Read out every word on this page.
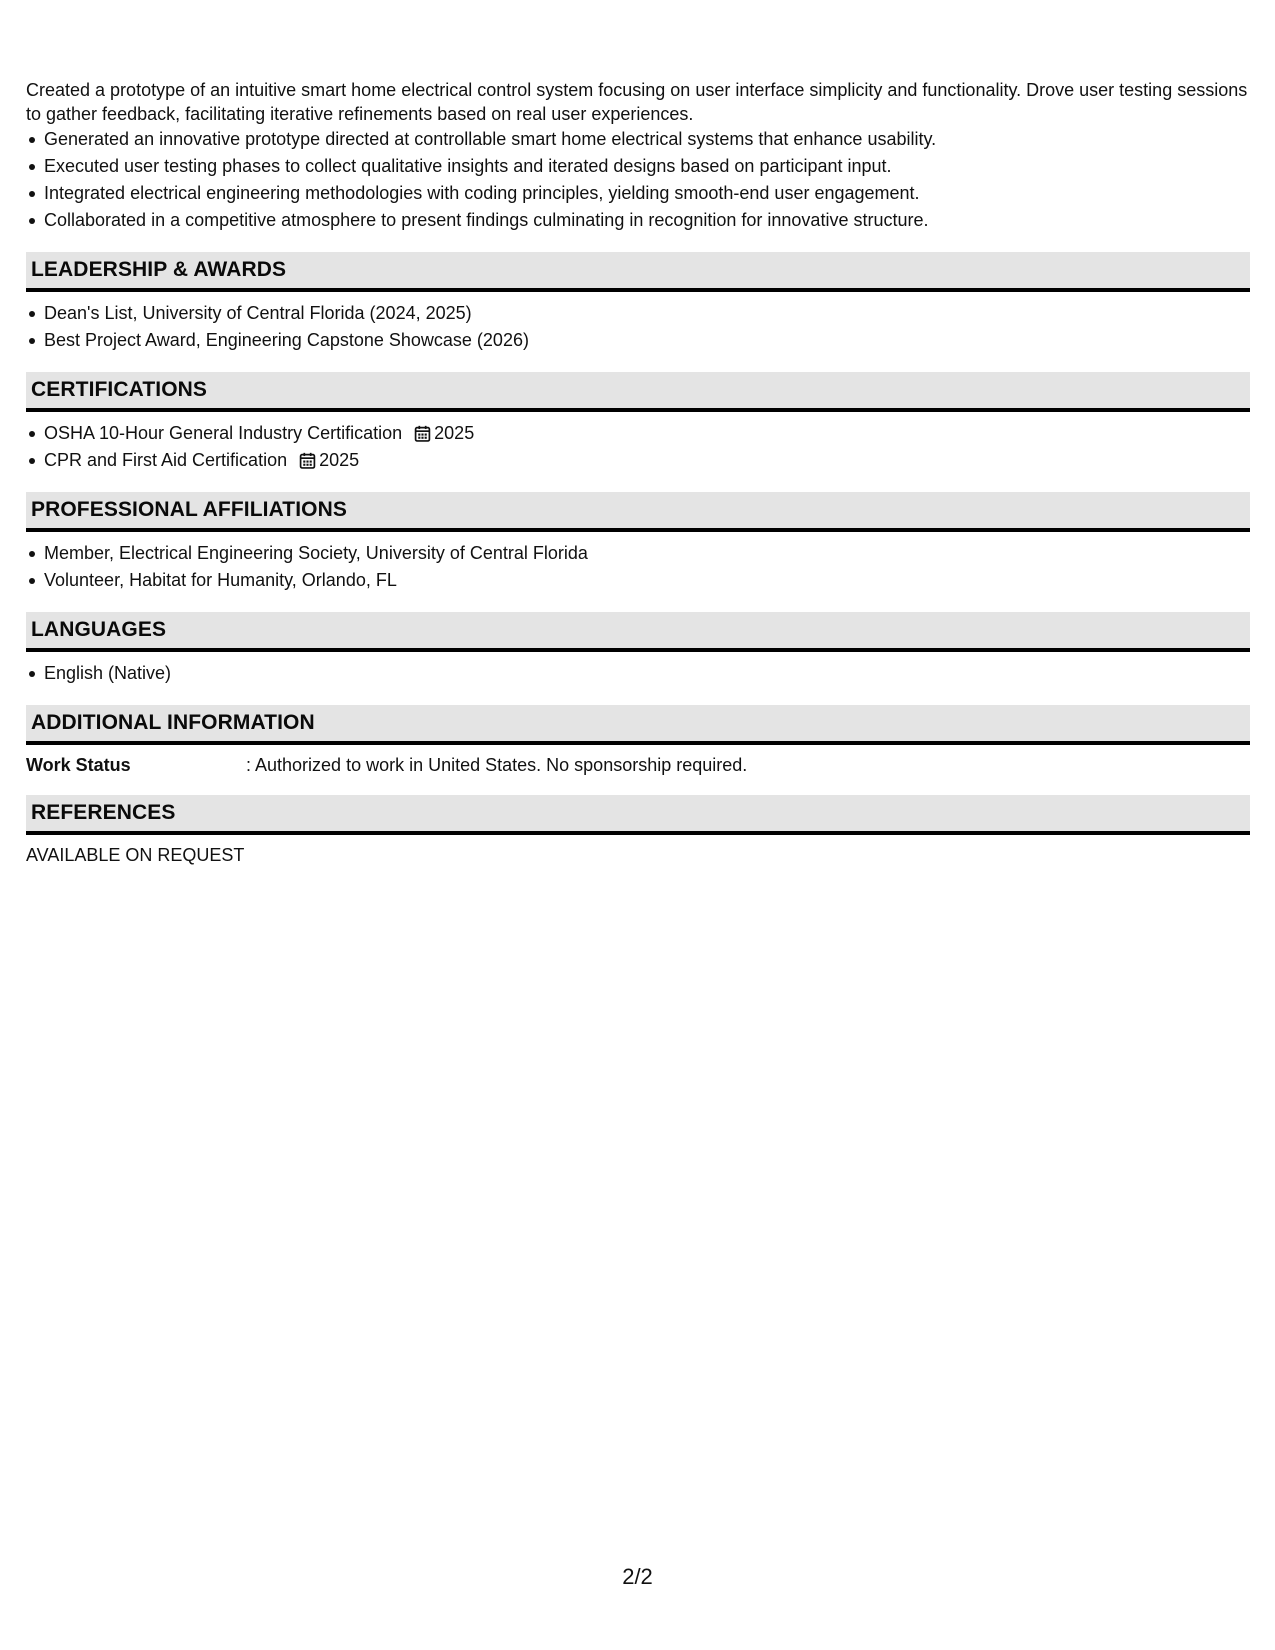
Created a prototype of an intuitive smart home electrical control system focusing on user interface simplicity and functionality. Drove user testing sessions to gather feedback, facilitating iterative refinements based on real user experiences.

Generated an innovative prototype directed at controllable smart home electrical systems that enhance usability.
Executed user testing phases to collect qualitative insights and iterated designs based on participant input.
Integrated electrical engineering methodologies with coding principles, yielding smooth-end user engagement.
Collaborated in a competitive atmosphere to present findings culminating in recognition for innovative structure.
LEADERSHIP & AWARDS
Dean's List, University of Central Florida (2024, 2025)
Best Project Award, Engineering Capstone Showcase (2026)
CERTIFICATIONS
OSHA 10-Hour General Industry Certification 2025
CPR and First Aid Certification 2025
PROFESSIONAL AFFILIATIONS
Member, Electrical Engineering Society, University of Central Florida
Volunteer, Habitat for Humanity, Orlando, FL
LANGUAGES
English (Native)
ADDITIONAL INFORMATION
Work Status	: Authorized to work in United States. No sponsorship required.
REFERENCES

AVAILABLE ON REQUEST

2/2
